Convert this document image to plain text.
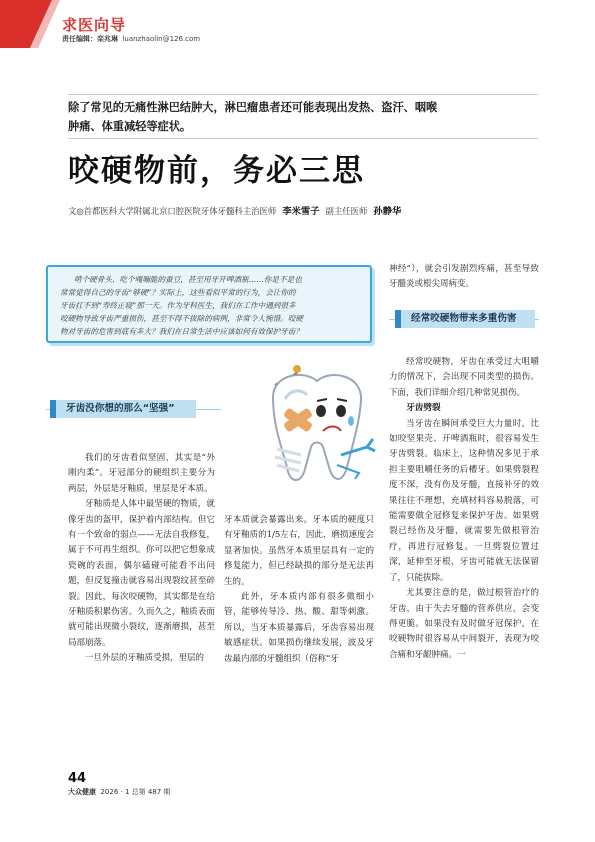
求医向导
责任编辑：栾兆琳 luanzhaolin@126.com
除了常见的无痛性淋巴结肿大，淋巴瘤患者还可能表现出发热、盗汗、咽喉
肿痛、体重减轻等症状。
咬硬物前，务必三思
文◎首都医科大学附属北京口腔医院牙体牙髓科主治医师 李米雪子 副主任医师 孙静华
啃个硬骨头、吃个嘎嘣脆的蚕豆，甚至用牙开啤酒瓶……你是不是也
常常觉得自己的牙齿“够硬”？实际上，这些看似平常的行为，会让你的
牙齿扛不到“寿终正寝”那一天。作为牙科医生，我们在工作中遇到很多
咬硬物导致牙齿严重损伤，甚至不得不拔除的病例，非常令人惋惜。咬硬
物对牙齿的危害到底有多大？我们在日常生活中应该如何有效保护牙齿？
牙齿没你想的那么“坚强”
经常咬硬物带来多重伤害

我们的牙齿看似坚固，其实是“外刚内柔”。牙冠部分的硬组织主要分为两层，外层是牙釉质，里层是牙本质。

牙釉质是人体中最坚硬的物质，就像牙齿的盔甲，保护着内部结构。但它有一个致命的弱点——无法自我修复，属于不可再生组织。你可以把它想象成瓷碗的表面，偶尔磕碰可能看不出问题，但反复撞击就容易出现裂纹甚至碎裂。因此，每次咬硬物，其实都是在给牙釉质积累伤害。久而久之，釉质表面就可能出现微小裂纹，逐渐磨损，甚至局部崩落。

一旦外层的牙釉质受损，里层的

牙本质就会暴露出来。牙本质的硬度只有牙釉质的1/5左右，因此，磨损速度会显著加快。虽然牙本质里层具有一定的修复能力，但已经缺损的部分是无法再生的。

此外，牙本质内部有很多微细小管，能够传导冷、热、酸、甜等刺激。所以，当牙本质暴露后，牙齿容易出现敏感症状。如果损伤继续发展，波及牙齿最内部的牙髓组织（俗称“牙

神经”），就会引发剧烈疼痛，甚至导致牙髓炎或根尖周病变。

经常咬硬物，牙齿在承受过大咀嚼力的情况下，会出现不同类型的损伤。下面，我们详细介绍几种常见损伤。

牙齿劈裂

当牙齿在瞬间承受巨大力量时，比如咬坚果壳、开啤酒瓶时，很容易发生牙齿劈裂。临床上，这种情况多见于承担主要咀嚼任务的后槽牙。如果劈裂程度不深，没有伤及牙髓，直接补牙的效果往往不理想，充填材料容易脱落，可能需要做全冠修复来保护牙齿。如果劈裂已经伤及牙髓，就需要先做根管治疗，再进行冠修复。一旦劈裂位置过深，延伸至牙根，牙齿可能就无法保留了，只能拔除。

尤其要注意的是，做过根管治疗的牙齿，由于失去牙髓的营养供应，会变得更脆。如果没有及时做牙冠保护，在咬硬物时很容易从中间裂开，表现为咬合痛和牙龈肿痛。一

44
大众健康 2026 · 1 总第 487 期
